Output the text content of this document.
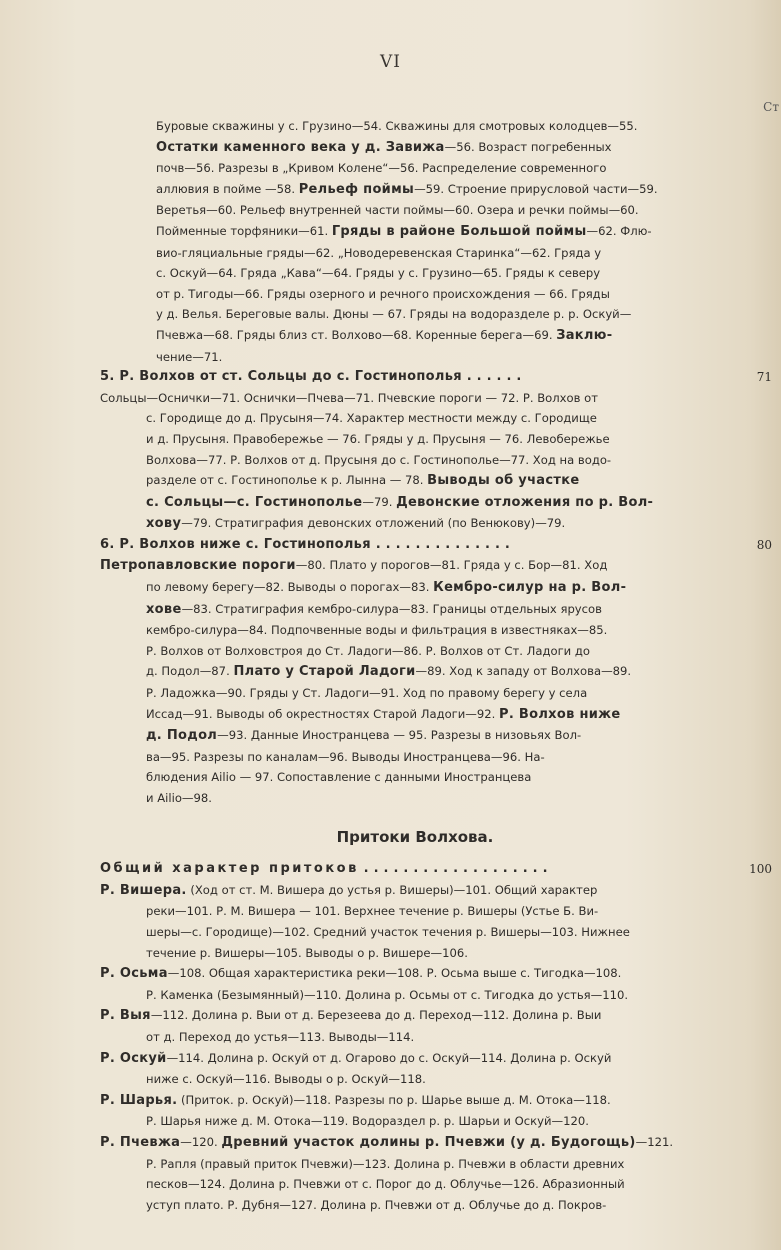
VI
Ст
Буровые скважины у с. Грузино—54. Скважины для смотровых колодцев—55.
Остатки каменного века у д. Завижа—56. Возраст погребенных
почв—56. Разрезы в „Кривом Колене“—56. Распределение современного
аллювия в пойме —58. Рельеф поймы—59. Строение прирусловой части—59.
Веретья—60. Рельеф внутренней части поймы—60. Озера и речки поймы—60.
Пойменные торфяники—61. Гряды в районе Большой поймы—62. Флю-
вио-гляциальные гряды—62. „Новодеревенская Старинка“—62. Гряда у
с. Оскуй—64. Гряда „Кава“—64. Гряды у с. Грузино—65. Гряды к северу
от р. Тигоды—66. Гряды озерного и речного происхождения — 66. Гряды
у д. Велья. Береговые валы. Дюны — 67. Гряды на водоразделе р. р. Оскуй—
Пчевжа—68. Гряды близ ст. Волхово—68. Коренные берега—69. Заклю-
чение—71.
5. Р. Волхов от ст. Сольцы до с. Гостинополья ......	71
Сольцы—Оснички—71. Оснички—Пчева—71. Пчевские пороги — 72. Р. Волхов от
с. Городище до д. Прусыня—74. Характер местности между с. Городище
и д. Прусыня. Правобережье — 76. Гряды у д. Прусыня — 76. Левобережье
Волхова—77. Р. Волхов от д. Прусыня до с. Гостинополье—77. Ход на водо-
разделе от с. Гостинополье к р. Лынна — 78. Выводы об участке
с. Сольцы—с. Гостинополье—79. Девонские отложения по р. Вол-
хову—79. Стратиграфия девонских отложений (по Венюкову)—79.
6. Р. Волхов ниже с. Гостинополья ..............	80
Петропавловские пороги—80. Плато у порогов—81. Гряда у с. Бор—81. Ход
по левому берегу—82. Выводы о порогах—83. Кембро-силур на р. Вол-
хове—83. Стратиграфия кембро-силура—83. Границы отдельных ярусов
кембро-силура—84. Подпочвенные воды и фильтрация в известняках—85.
Р. Волхов от Волховстроя до Ст. Ладоги—86. Р. Волхов от Ст. Ладоги до
д. Подол—87. Плато у Старой Ладоги—89. Ход к западу от Волхова—89.
Р. Ладожка—90. Гряды у Ст. Ладоги—91. Ход по правому берегу у села
Иссад—91. Выводы об окрестностях Старой Ладоги—92. Р. Волхов ниже
д. Подол—93. Данные Иностранцева — 95. Разрезы в низовьях Вол-
ва—95. Разрезы по каналам—96. Выводы Иностранцева—96. На-
блюдения Ailio — 97. Сопоставление с данными Иностранцева
и Ailio—98.
Притоки Волхова.
Общий характер притоков ...................	100
Р. Вишера. (Ход от ст. М. Вишера до устья р. Вишеры)—101. Общий характер
реки—101. Р. М. Вишера — 101. Верхнее течение р. Вишеры (Устье Б. Ви-
шеры—с. Городище)—102. Средний участок течения р. Вишеры—103. Нижнее
течение р. Вишеры—105. Выводы о р. Вишере—106.
Р. Осьма—108. Общая характеристика реки—108. Р. Осьма выше с. Тигодка—108.
Р. Каменка (Безымянный)—110. Долина р. Осьмы от с. Тигодка до устья—110.
Р. Выя—112. Долина р. Выи от д. Березеева до д. Переход—112. Долина р. Выи
от д. Переход до устья—113. Выводы—114.
Р. Оскуй—114. Долина р. Оскуй от д. Огарово до с. Оскуй—114. Долина р. Оскуй
ниже с. Оскуй—116. Выводы о р. Оскуй—118.
Р. Шарья. (Приток. р. Оскуй)—118. Разрезы по р. Шарье выше д. М. Отока—118.
Р. Шарья ниже д. М. Отока—119. Водораздел р. р. Шарьи и Оскуй—120.
Р. Пчевжа—120. Древний участок долины р. Пчевжи (у д. Будогощь)—121.
Р. Рапля (правый приток Пчевжи)—123. Долина р. Пчевжи в области древних
песков—124. Долина р. Пчевжи от с. Порог до д. Облучье—126. Абразионный
уступ плато. Р. Дубня—127. Долина р. Пчевжи от д. Облучье до д. Покров-
